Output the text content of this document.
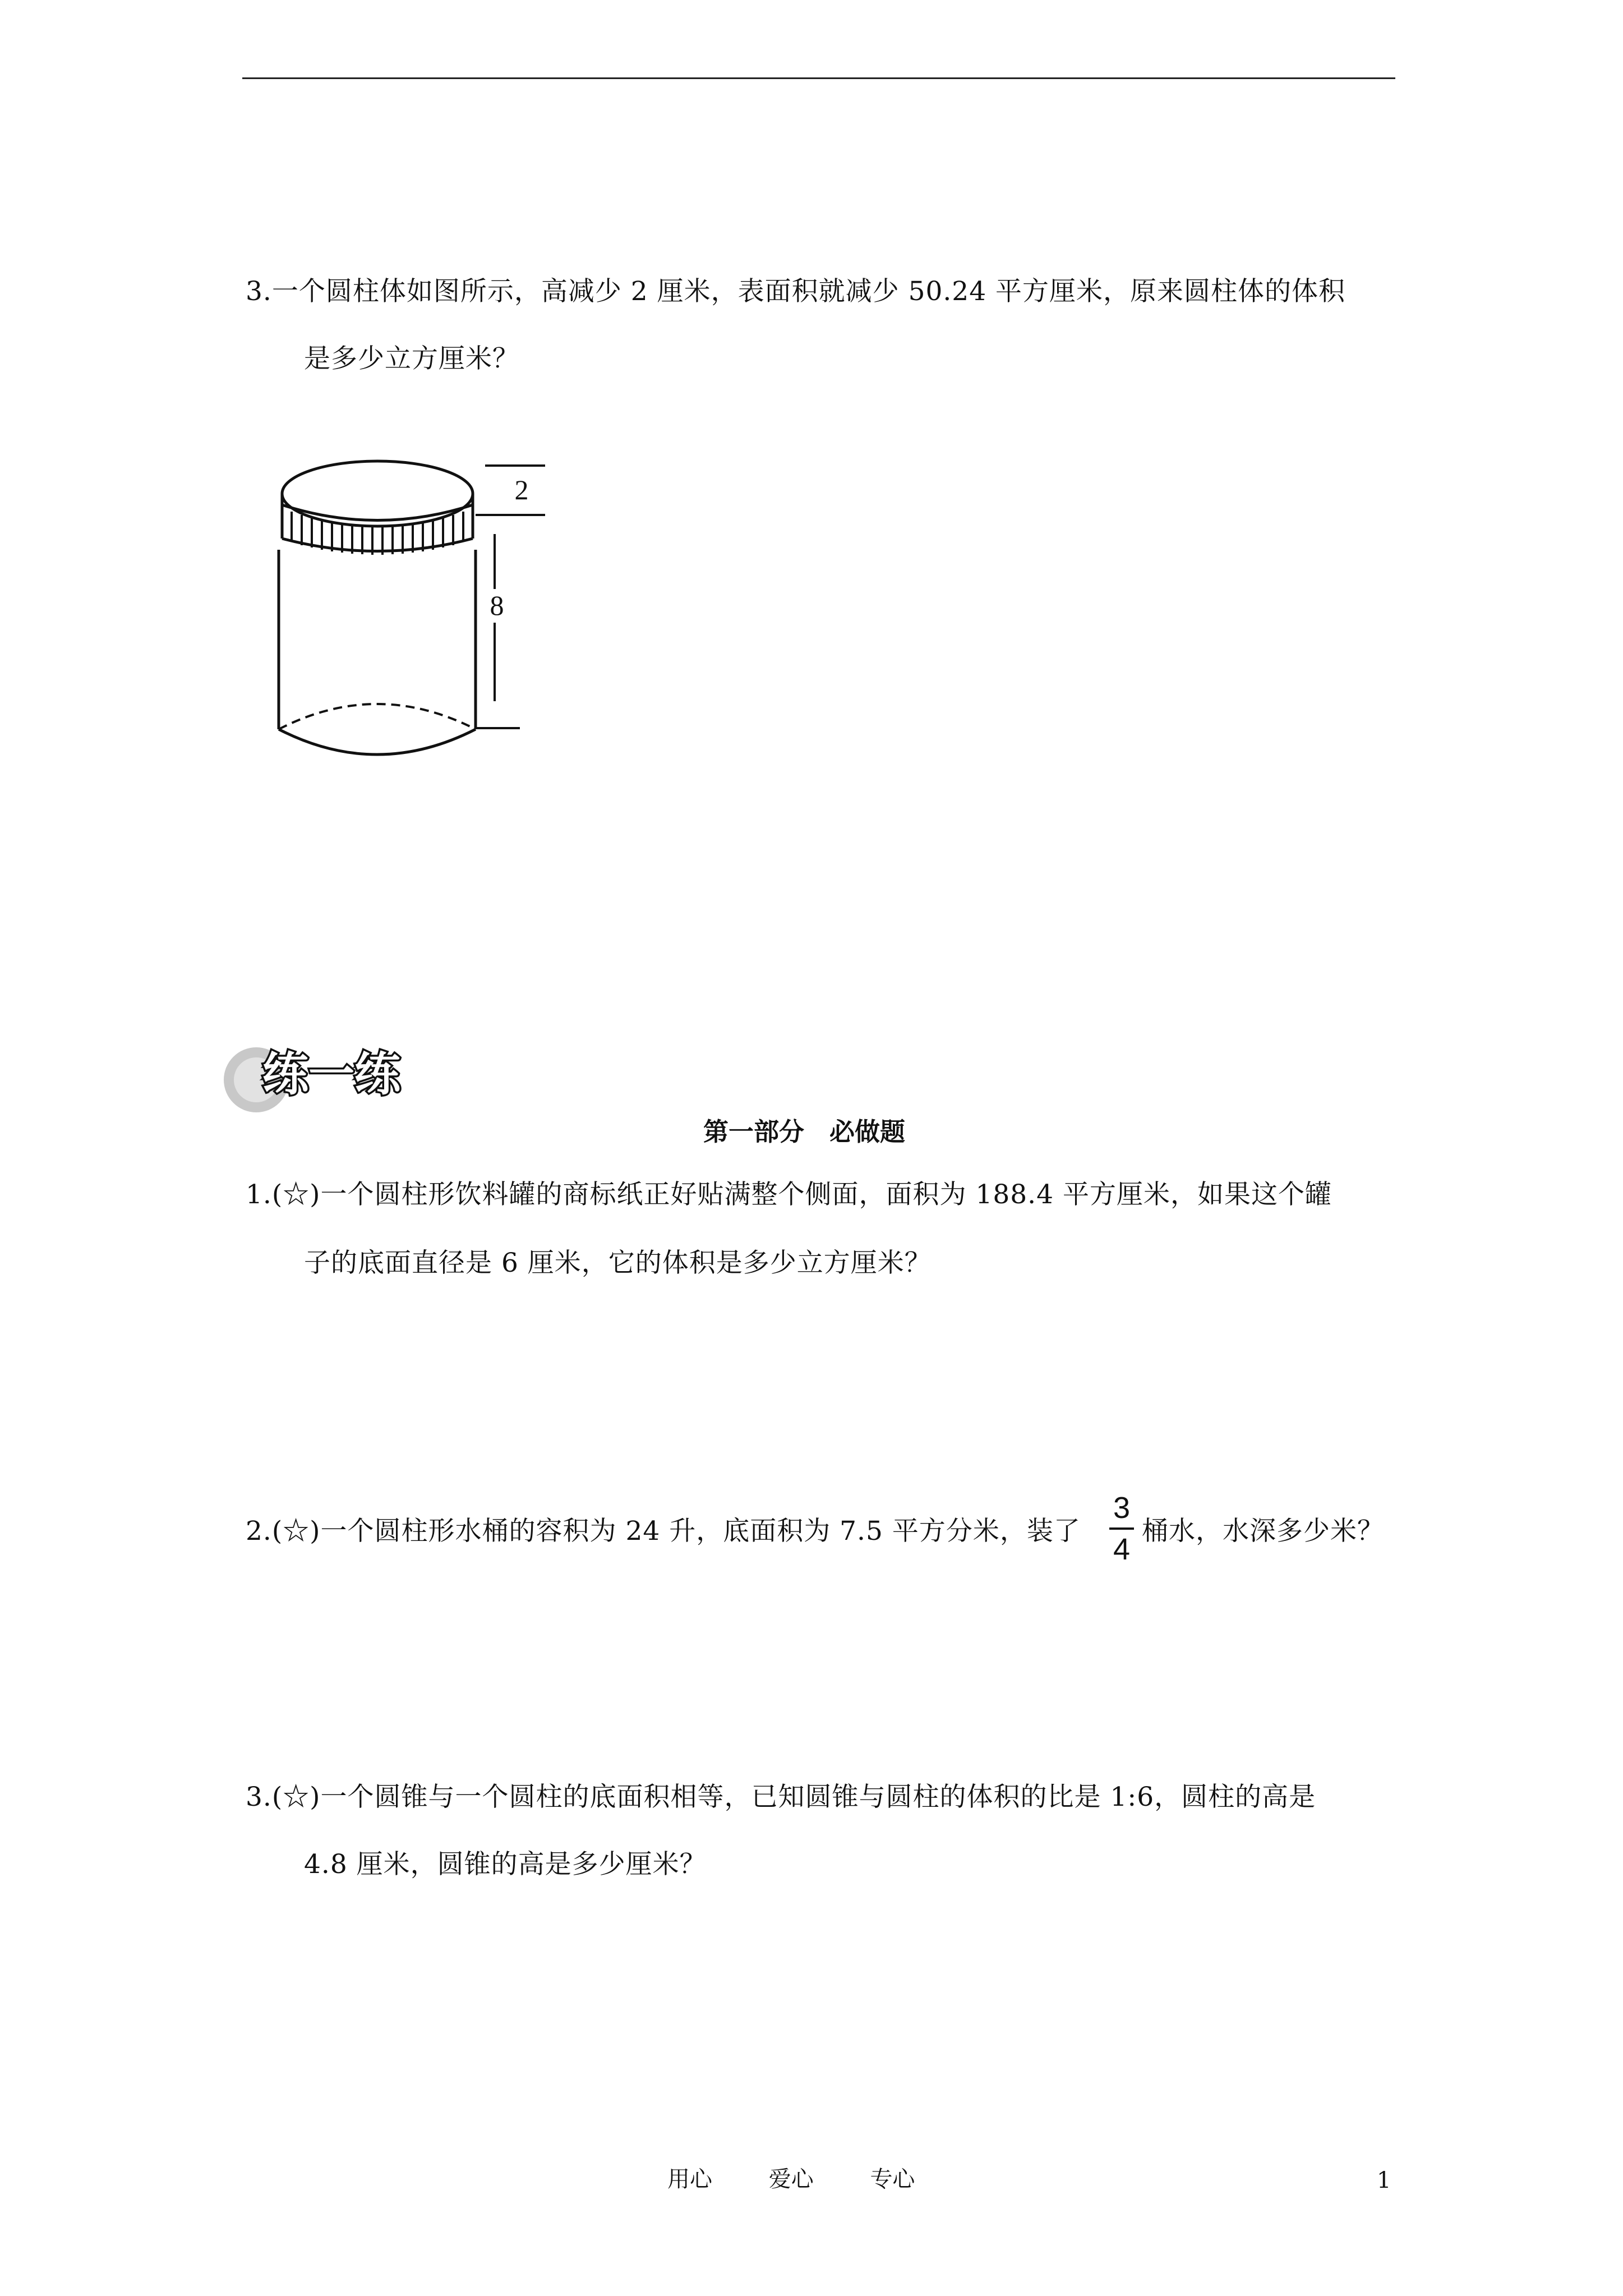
3.一个圆柱体如图所示，高减少 2 厘米，表面积就减少 50.24 平方厘米，原来圆柱体的体积
是多少立方厘米？
2
8
练一练
第一部分　必做题
1.(☆)一个圆柱形饮料罐的商标纸正好贴满整个侧面，面积为 188.4 平方厘米，如果这个罐
子的底面直径是 6 厘米，它的体积是多少立方厘米？
2.(☆)一个圆柱形水桶的容积为 24 升，底面积为 7.5 平方分米，装了
3
4
桶水，水深多少米？
3.(☆)一个圆锥与一个圆柱的底面积相等，已知圆锥与圆柱的体积的比是 1:6，圆柱的高是
4.8 厘米，圆锥的高是多少厘米？
用心	爱心	专心	1
